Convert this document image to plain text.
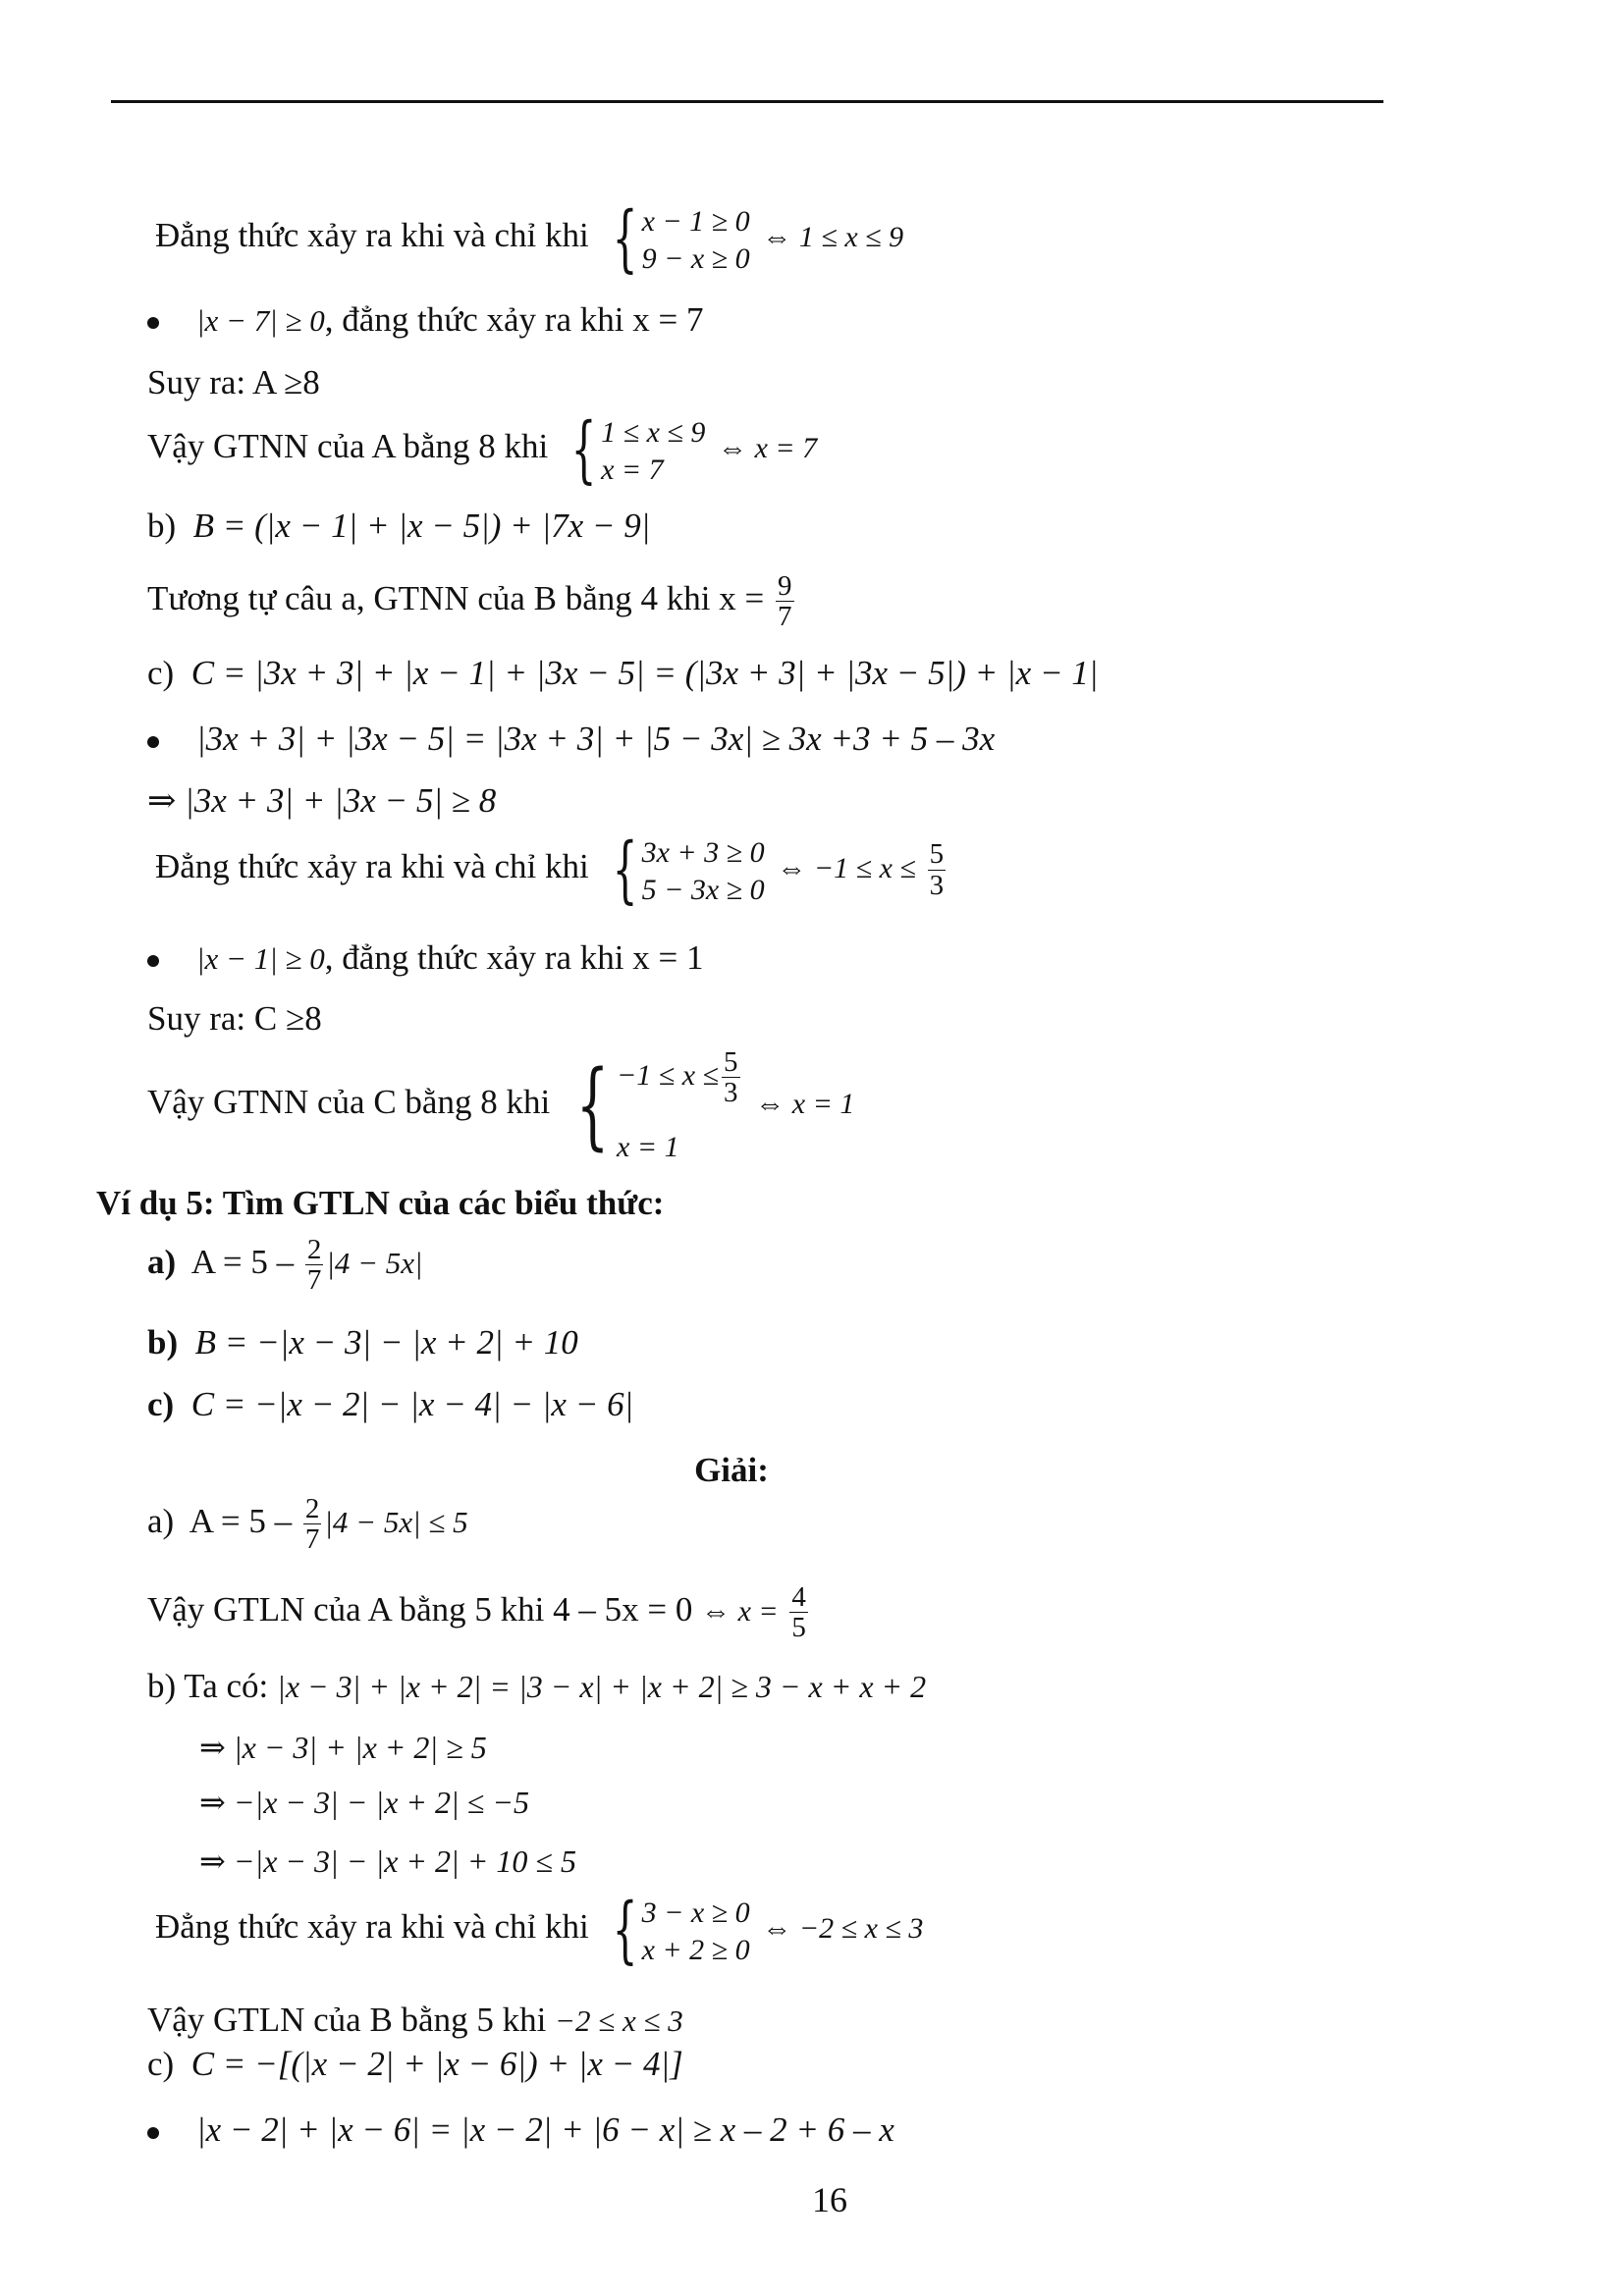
Đẳng thức xảy ra khi và chỉ khi { x − 1 ≥ 0
9 − x ≥ 0
⇔ 1 ≤ x ≤ 9
|x − 7| ≥ 0, đẳng thức xảy ra khi x = 7
Suy ra: A ≥8
Vậy GTNN của A bằng 8 khi { 1 ≤ x ≤ 9
x = 7
⇔ x = 7
b) B = (|x − 1| + |x − 5|) + |7x − 9|
Tương tự câu a, GTNN của B bằng 4 khi $x = \frac{9}{7}$
c) C = |3x + 3| + |x − 1| + |3x − 5| = (|3x + 3| + |3x − 5|) + |x − 1|
|3x + 3| + |3x − 5| = |3x + 3| + |5 − 3x| ≥ 3x +3 + 5 – 3x
⇒ |3x + 3| + |3x − 5| ≥ 8
Đẳng thức xảy ra khi và chỉ khi { 3x + 3 ≥ 0
5 − 3x ≥ 0
⇔ $-1 \le x \le \frac{5}{3}$
|x − 1| ≥ 0, đẳng thức xảy ra khi x = 1
Suy ra: C ≥8
Vậy GTNN của C bằng 8 khi { $-1 \le x \le \frac{5}{3}$
x = 1
⇔ x = 1
Ví dụ 5: Tìm GTLN của các biểu thức:
a) $A = 5 - \frac{2}{7} |4 - 5x|$
b) B = −|x − 3| − |x + 2| + 10
c) C = −|x − 2| − |x − 4| − |x − 6|
Giải:
a) $A = 5 - \frac{2}{7} |4 - 5x| \le 5$
Vậy GTLN của A bằng 5 khi 4 – 5x = 0 ⇔ $x = \frac{4}{5}$
b) Ta có: |x − 3| + |x + 2| = |3 − x| + |x + 2| ≥ 3 − x + x + 2
⇒ |x − 3| + |x + 2| ≥ 5
⇒ −|x − 3| − |x + 2| ≤ −5
⇒ −|x − 3| − |x + 2| + 10 ≤ 5
Đẳng thức xảy ra khi và chỉ khi { 3 − x ≥ 0
x + 2 ≥ 0
⇔ −2 ≤ x ≤ 3
Vậy GTLN của B bằng 5 khi −2 ≤ x ≤ 3
c) C = −[(|x − 2| + |x − 6|) + |x − 4|]
|x − 2| + |x − 6| = |x − 2| + |6 − x| ≥ x – 2 + 6 – x
16
